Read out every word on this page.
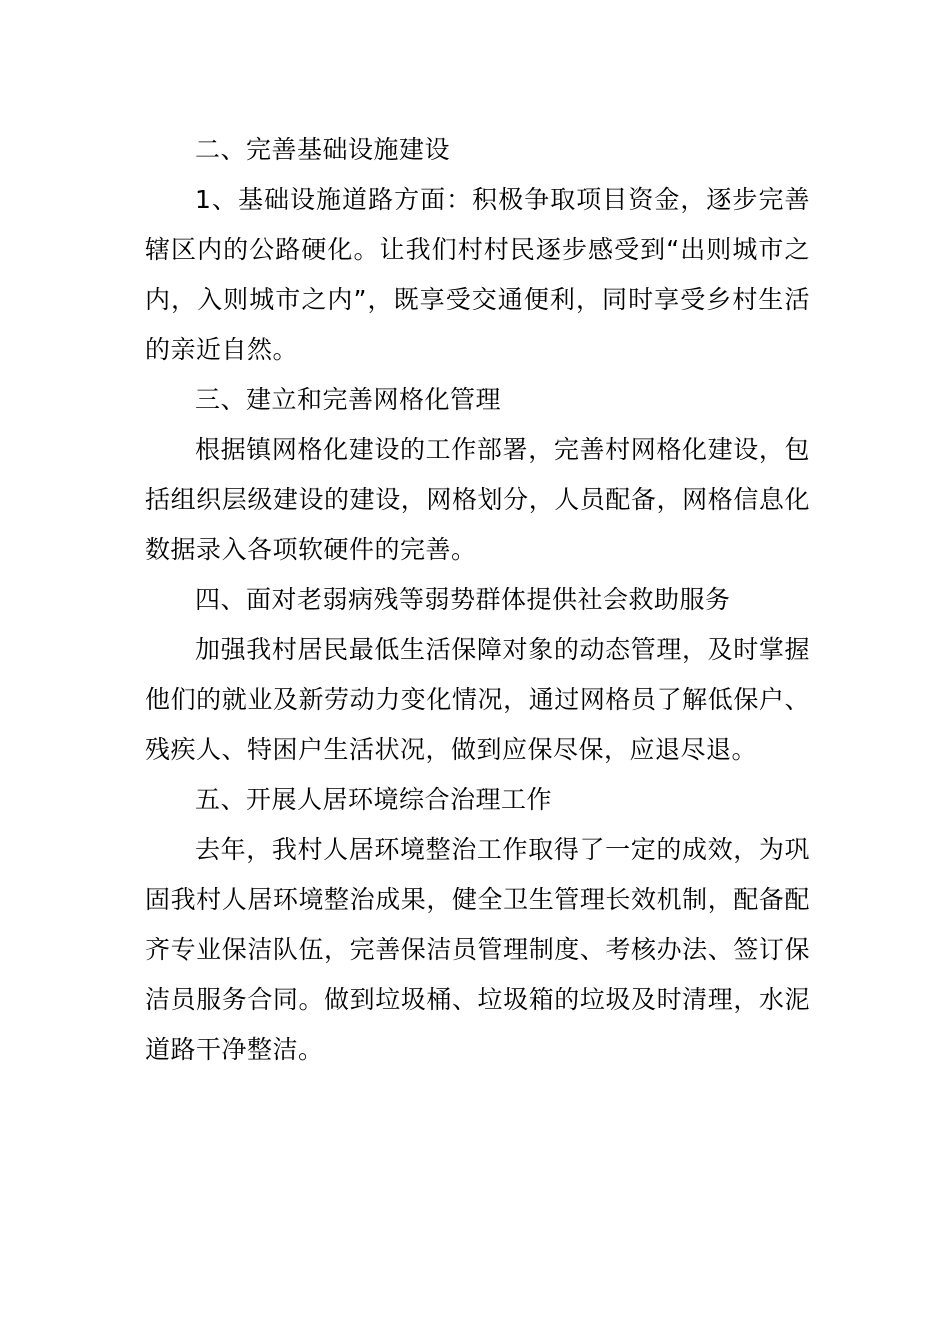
二、完善基础设施建设

1、基础设施道路方面：积极争取项目资金，逐步完善辖区内的公路硬化。让我们村村民逐步感受到“出则城市之内，入则城市之内”，既享受交通便利，同时享受乡村生活的亲近自然。

三、建立和完善网格化管理

根据镇网格化建设的工作部署，完善村网格化建设，包括组织层级建设的建设，网格划分，人员配备，网格信息化数据录入各项软硬件的完善。

四、面对老弱病残等弱势群体提供社会救助服务

加强我村居民最低生活保障对象的动态管理，及时掌握他们的就业及新劳动力变化情况，通过网格员了解低保户、残疾人、特困户生活状况，做到应保尽保，应退尽退。

五、开展人居环境综合治理工作

去年，我村人居环境整治工作取得了一定的成效，为巩固我村人居环境整治成果，健全卫生管理长效机制，配备配齐专业保洁队伍，完善保洁员管理制度、考核办法、签订保洁员服务合同。做到垃圾桶、垃圾箱的垃圾及时清理，水泥道路干净整洁。
